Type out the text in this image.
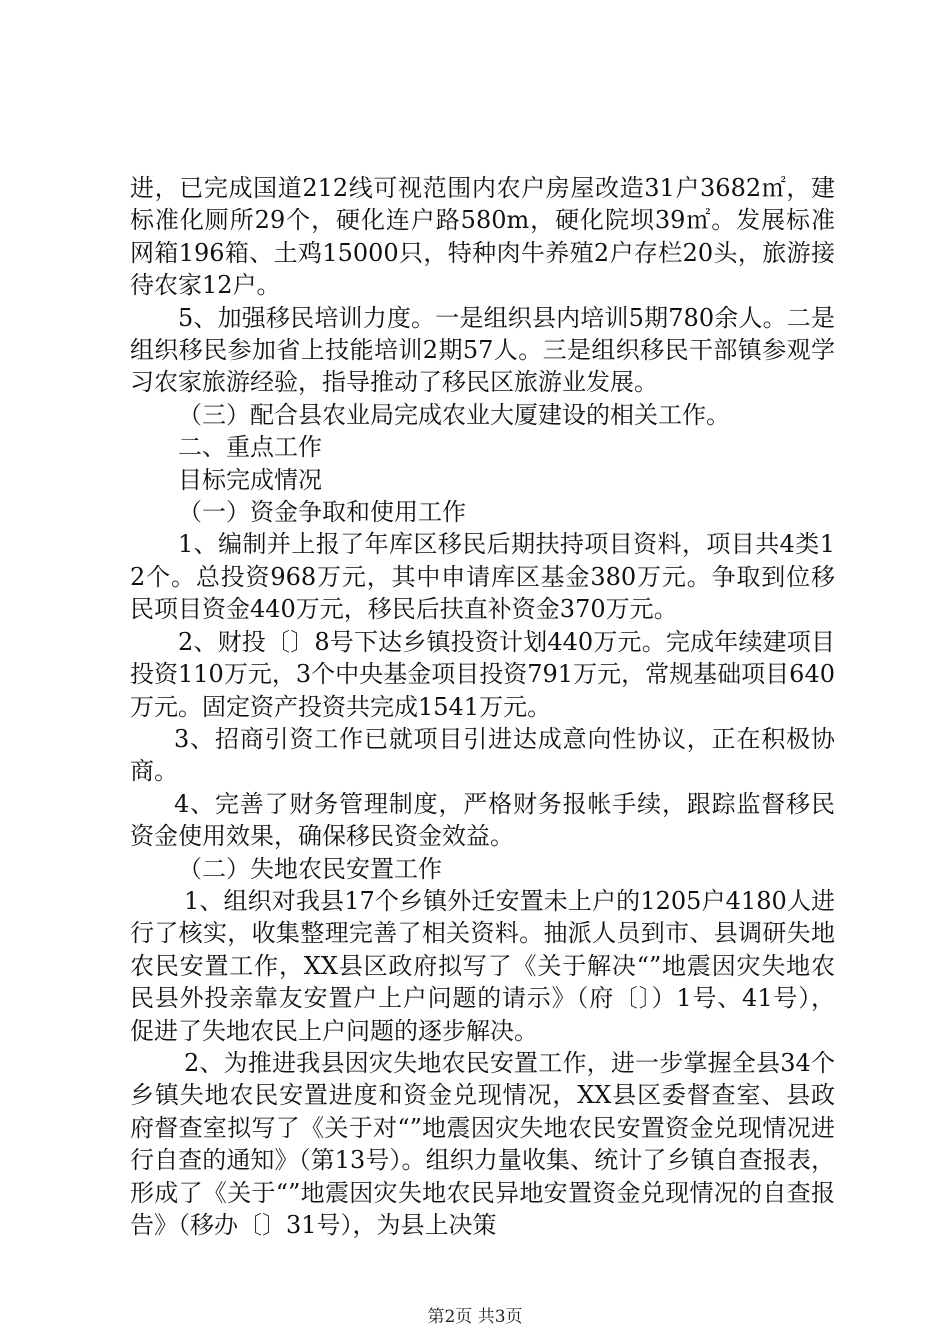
进，已完成国道212线可视范围内农户房屋改造31户3682㎡，建标准化厕所29个，硬化连户路580m，硬化院坝39㎡。发展标准网箱196箱、土鸡15000只，特种肉牛养殖2户存栏20头，旅游接待农家12户。

5、加强移民培训力度。一是组织县内培训5期780余人。二是组织移民参加省上技能培训2期57人。三是组织移民干部镇参观学习农家旅游经验，指导推动了移民区旅游业发展。

（三）配合县农业局完成农业大厦建设的相关工作。

二、重点工作

目标完成情况

（一）资金争取和使用工作

1、编制并上报了年库区移民后期扶持项目资料，项目共4类12个。总投资968万元，其中申请库区基金380万元。争取到位移民项目资金440万元，移民后扶直补资金370万元。

2、财投〔〕8号下达乡镇投资计划440万元。完成年续建项目投资110万元，3个中央基金项目投资791万元，常规基础项目640万元。固定资产投资共完成1541万元。

3、招商引资工作已就项目引进达成意向性协议，正在积极协商。

4、完善了财务管理制度，严格财务报帐手续，跟踪监督移民资金使用效果，确保移民资金效益。

（二）失地农民安置工作

1、组织对我县17个乡镇外迁安置未上户的1205户4180人进行了核实，收集整理完善了相关资料。抽派人员到市、县调研失地农民安置工作，XX县区政府拟写了《关于解决“”地震因灾失地农民县外投亲靠友安置户上户问题的请示》（府〔〕）1号、41号），促进了失地农民上户问题的逐步解决。

2、为推进我县因灾失地农民安置工作，进一步掌握全县34个乡镇失地农民安置进度和资金兑现情况，XX县区委督查室、县政府督查室拟写了《关于对“”地震因灾失地农民安置资金兑现情况进行自查的通知》（第13号）。组织力量收集、统计了乡镇自查报表，形成了《关于“”地震因灾失地农民异地安置资金兑现情况的自查报告》（移办〔〕31号），为县上决策

第2页 共3页
